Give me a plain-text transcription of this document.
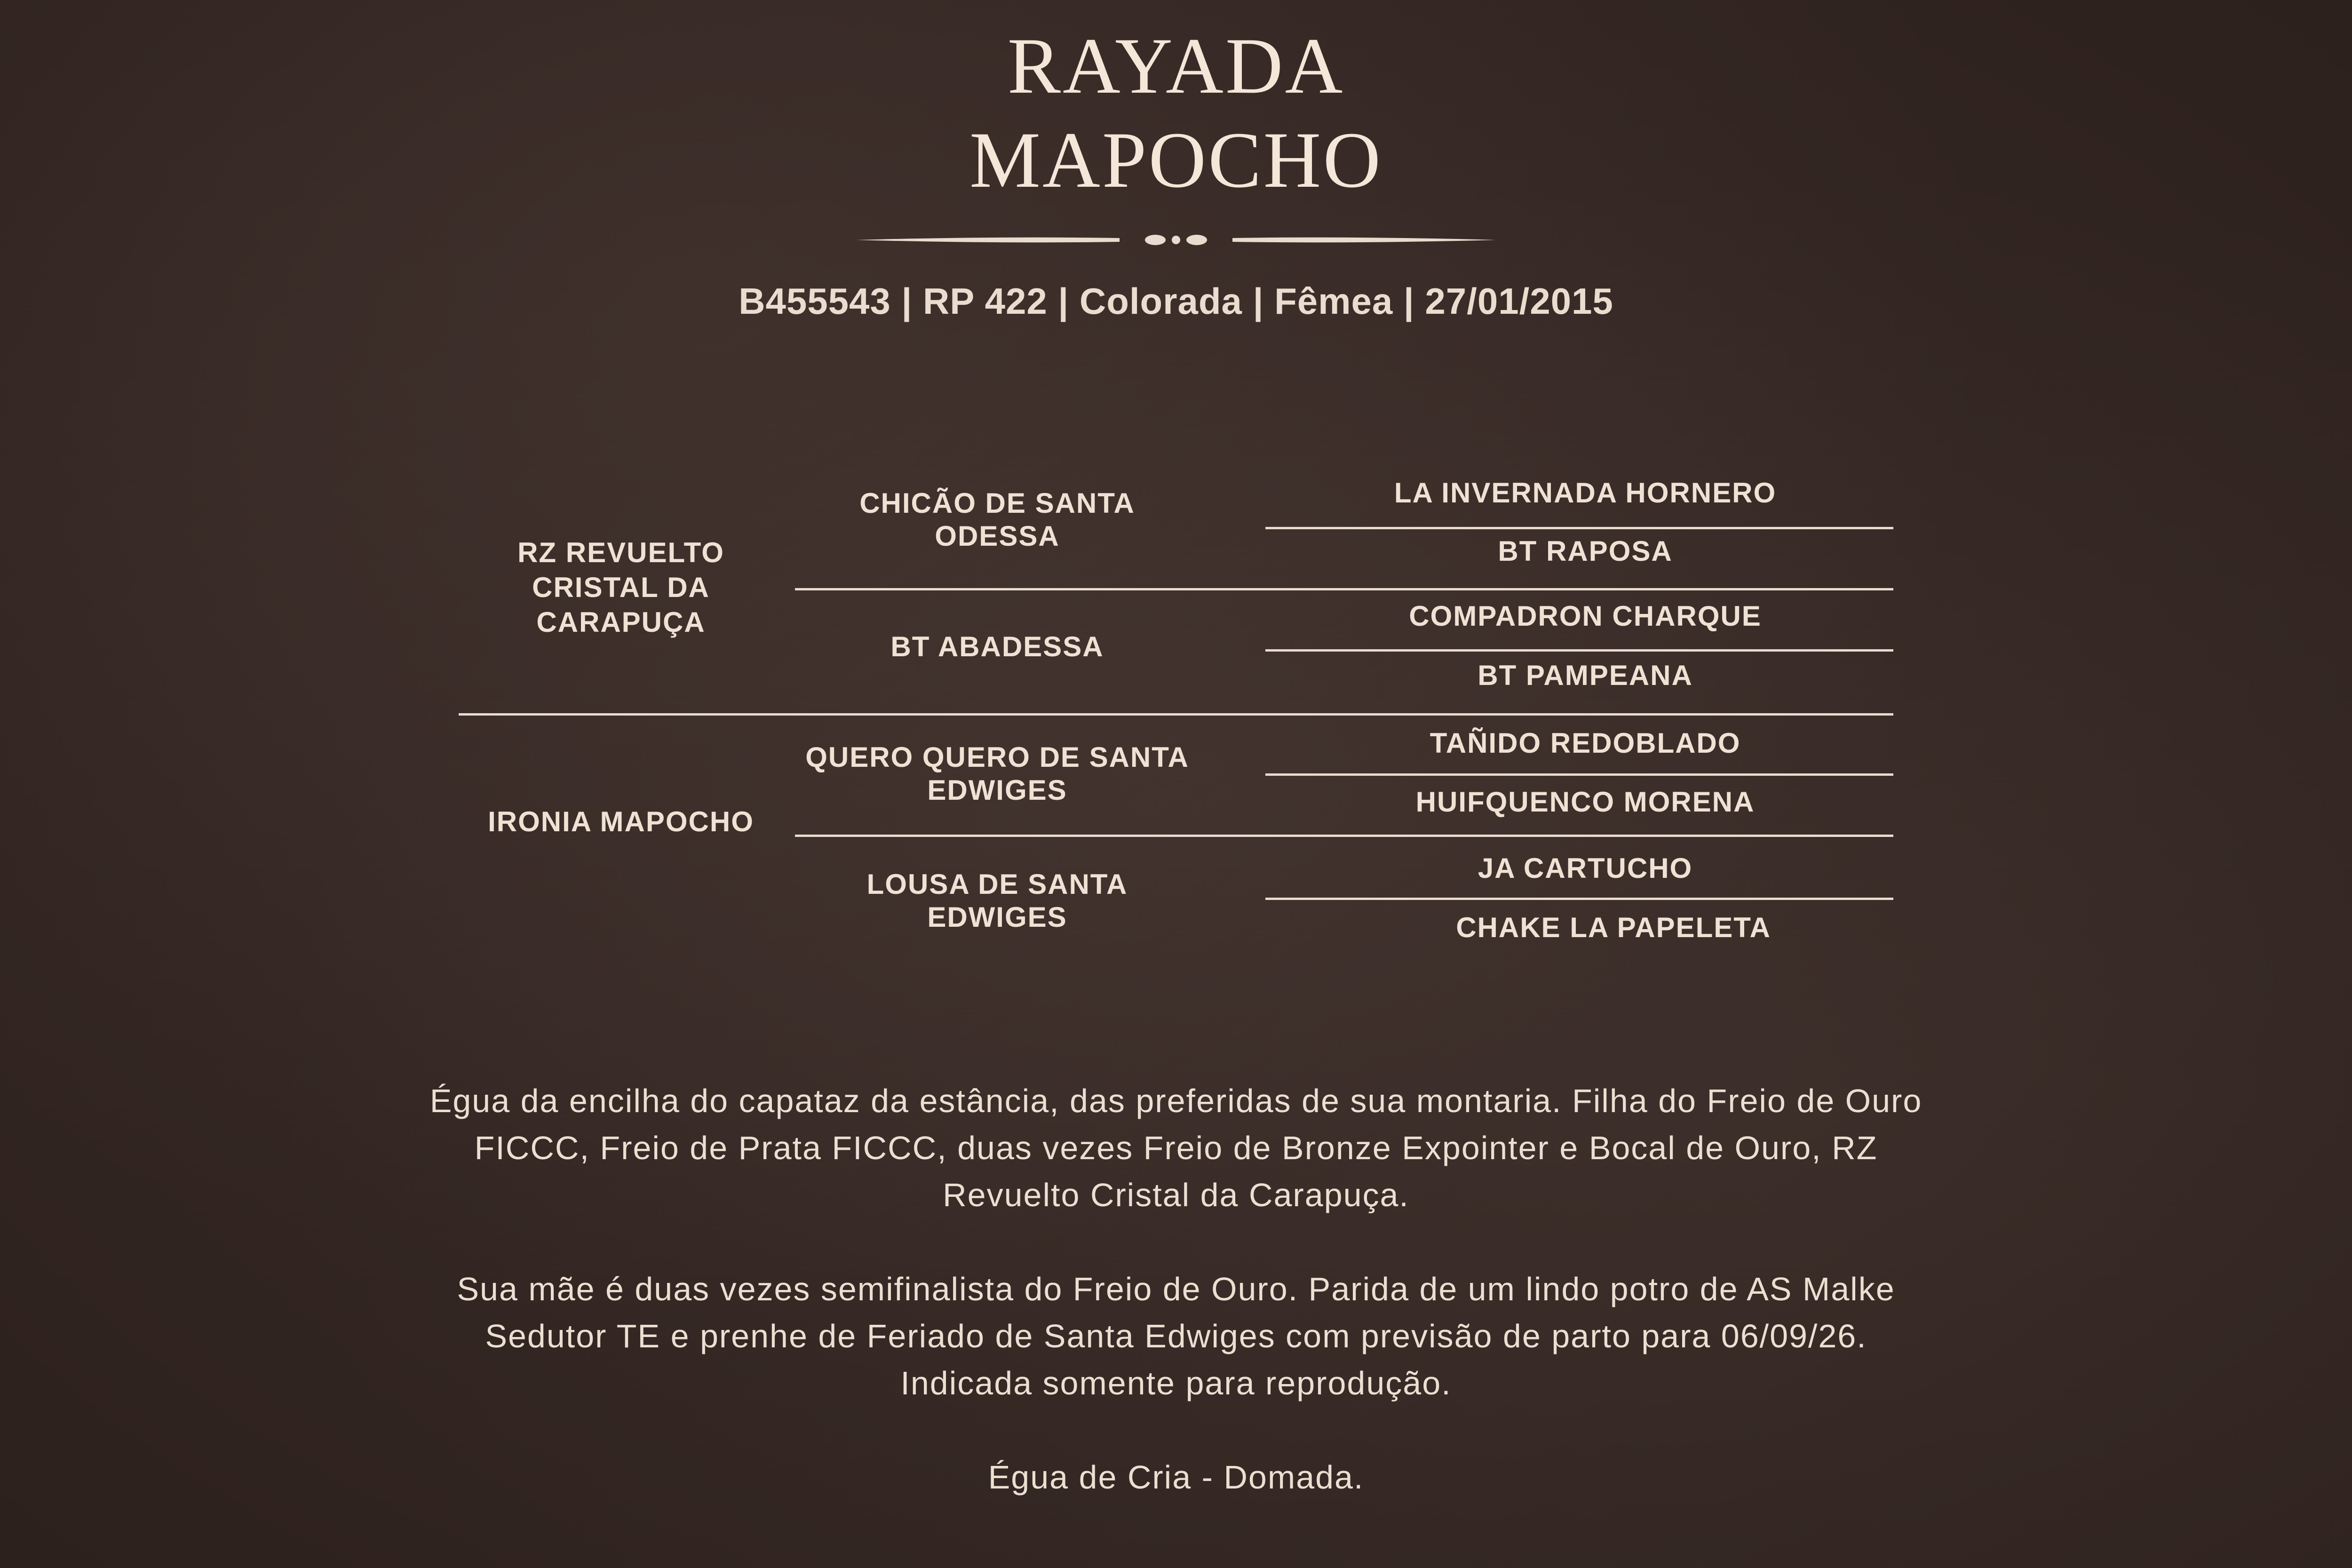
RAYADA
MAPOCHO
B455543 | RP 422 | Colorada | Fêmea | 27/01/2015
RZ REVUELTO CRISTAL DA CARAPUÇA
IRONIA MAPOCHO
CHICÃO DE SANTA ODESSA
BT ABADESSA
QUERO QUERO DE SANTA EDWIGES
LOUSA DE SANTA EDWIGES
LA INVERNADA HORNERO
BT RAPOSA
COMPADRON CHARQUE
BT PAMPEANA
TAÑIDO REDOBLADO
HUIFQUENCO MORENA
JA CARTUCHO
CHAKE LA PAPELETA

Égua da encilha do capataz da estância, das preferidas de sua montaria. Filha do Freio de Ouro FICCC, Freio de Prata FICCC, duas vezes Freio de Bronze Expointer e Bocal de Ouro, RZ Revuelto Cristal da Carapuça.

Sua mãe é duas vezes semifinalista do Freio de Ouro. Parida de um lindo potro de AS Malke Sedutor TE e prenhe de Feriado de Santa Edwiges com previsão de parto para 06/09/26. Indicada somente para reprodução.

Égua de Cria - Domada.
